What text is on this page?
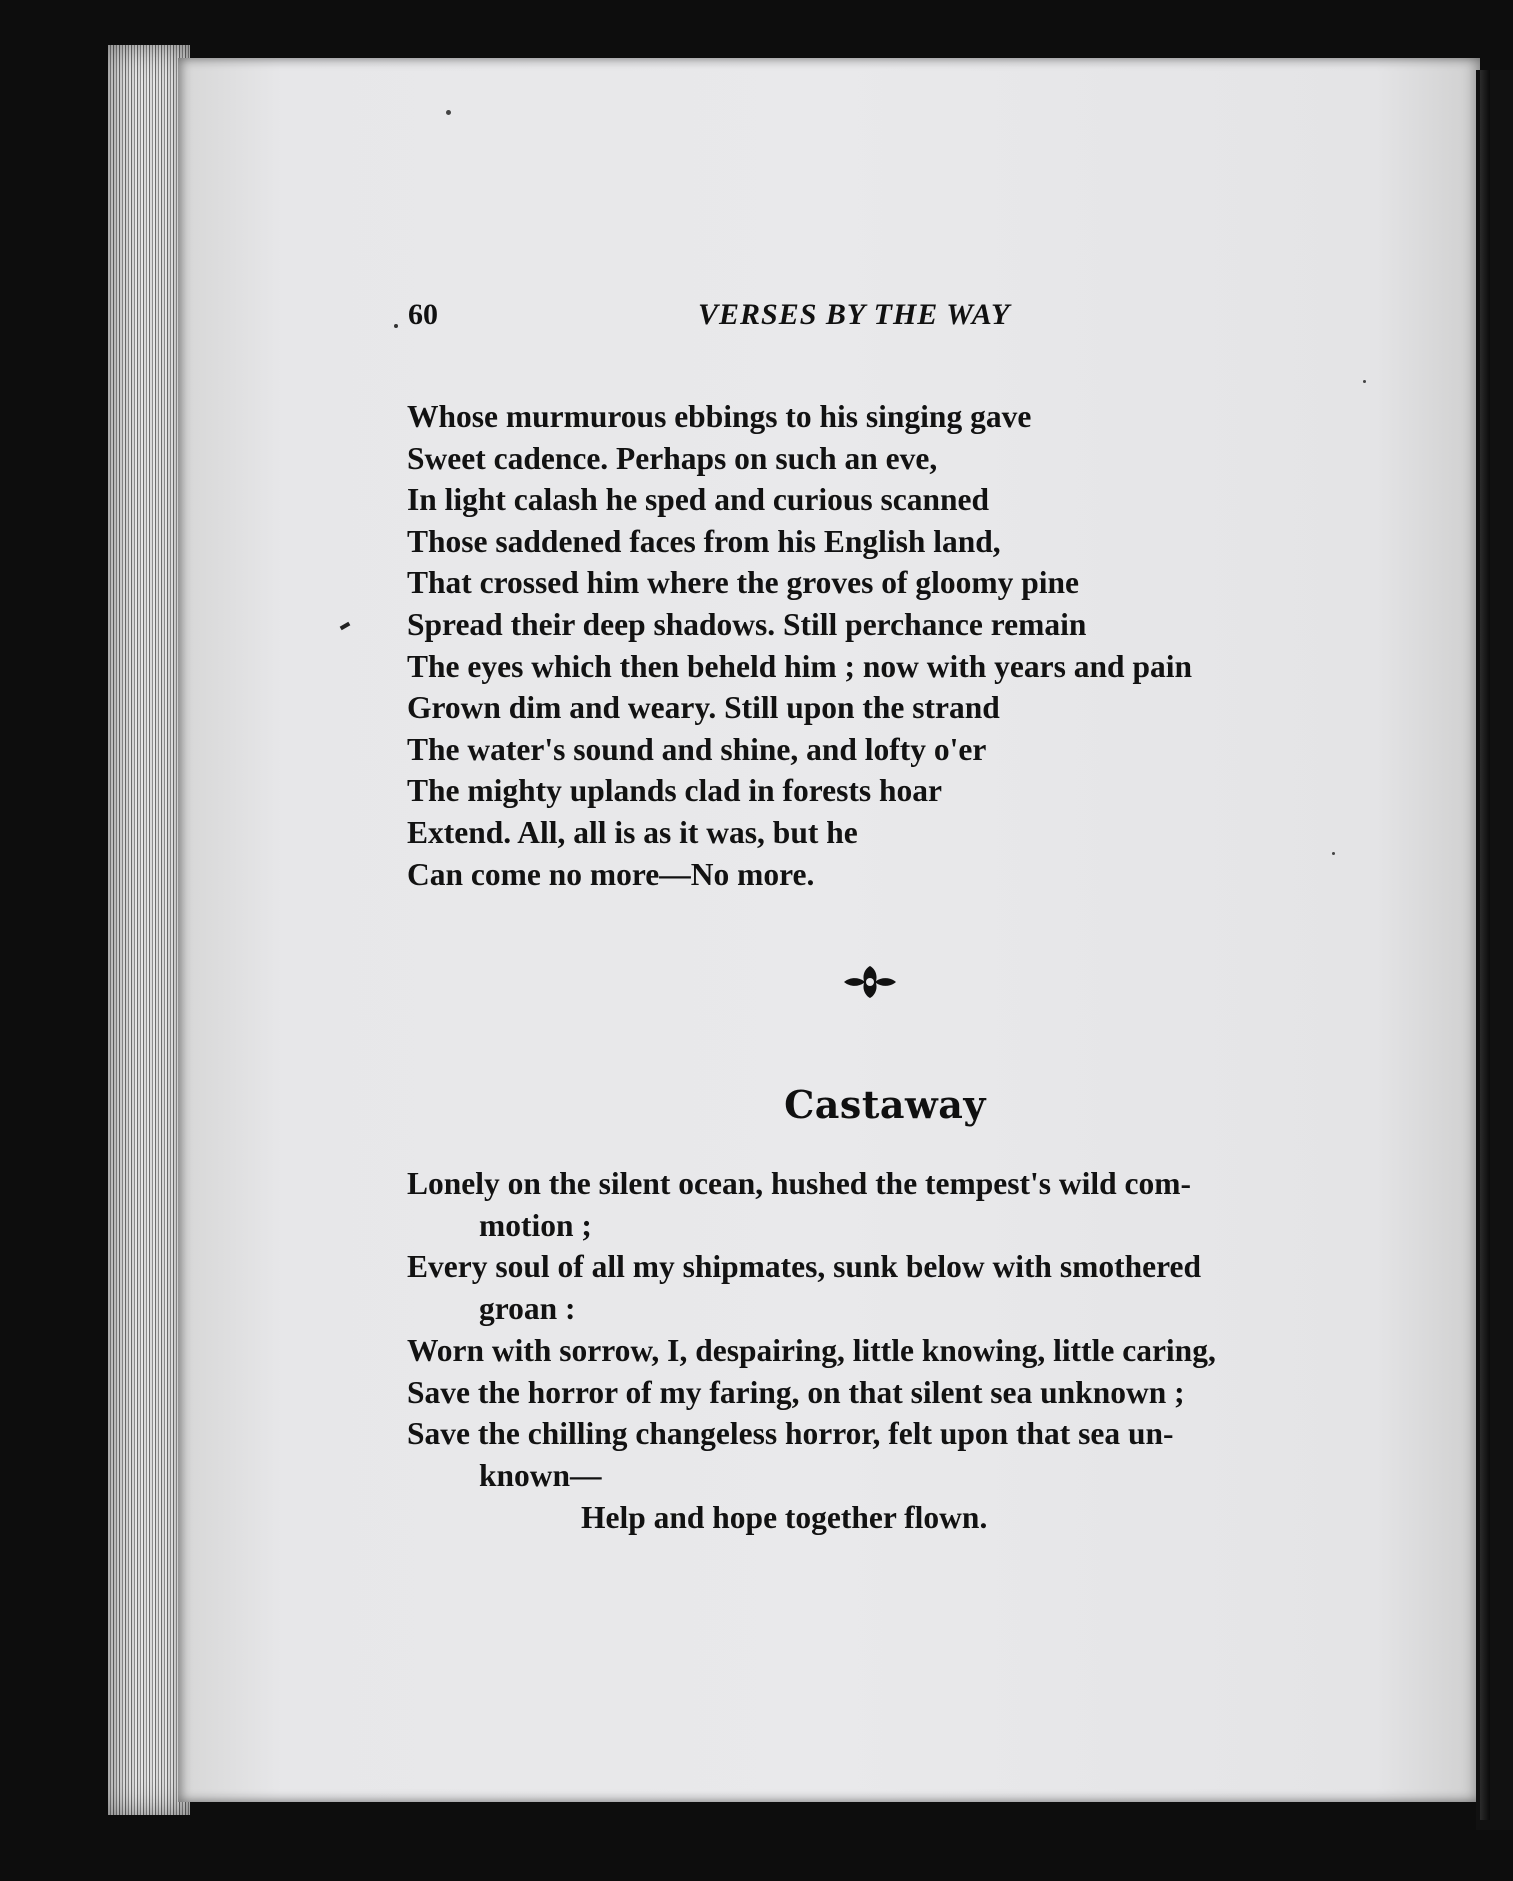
60	VERSES BY THE WAY
Whose murmurous ebbings to his singing gave
Sweet cadence. Perhaps on such an eve,
In light calash he sped and curious scanned
Those saddened faces from his English land,
That crossed him where the groves of gloomy pine
Spread their deep shadows. Still perchance remain
The eyes which then beheld him ; now with years and pain
Grown dim and weary. Still upon the strand
The water's sound and shine, and lofty o'er
The mighty uplands clad in forests hoar
Extend. All, all is as it was, but he
Can come no more—No more.
Castaway
Lonely on the silent ocean, hushed the tempest's wild com-
motion ;
Every soul of all my shipmates, sunk below with smothered
groan :
Worn with sorrow, I, despairing, little knowing, little caring,
Save the horror of my faring, on that silent sea unknown ;
Save the chilling changeless horror, felt upon that sea un-
known—
Help and hope together flown.
